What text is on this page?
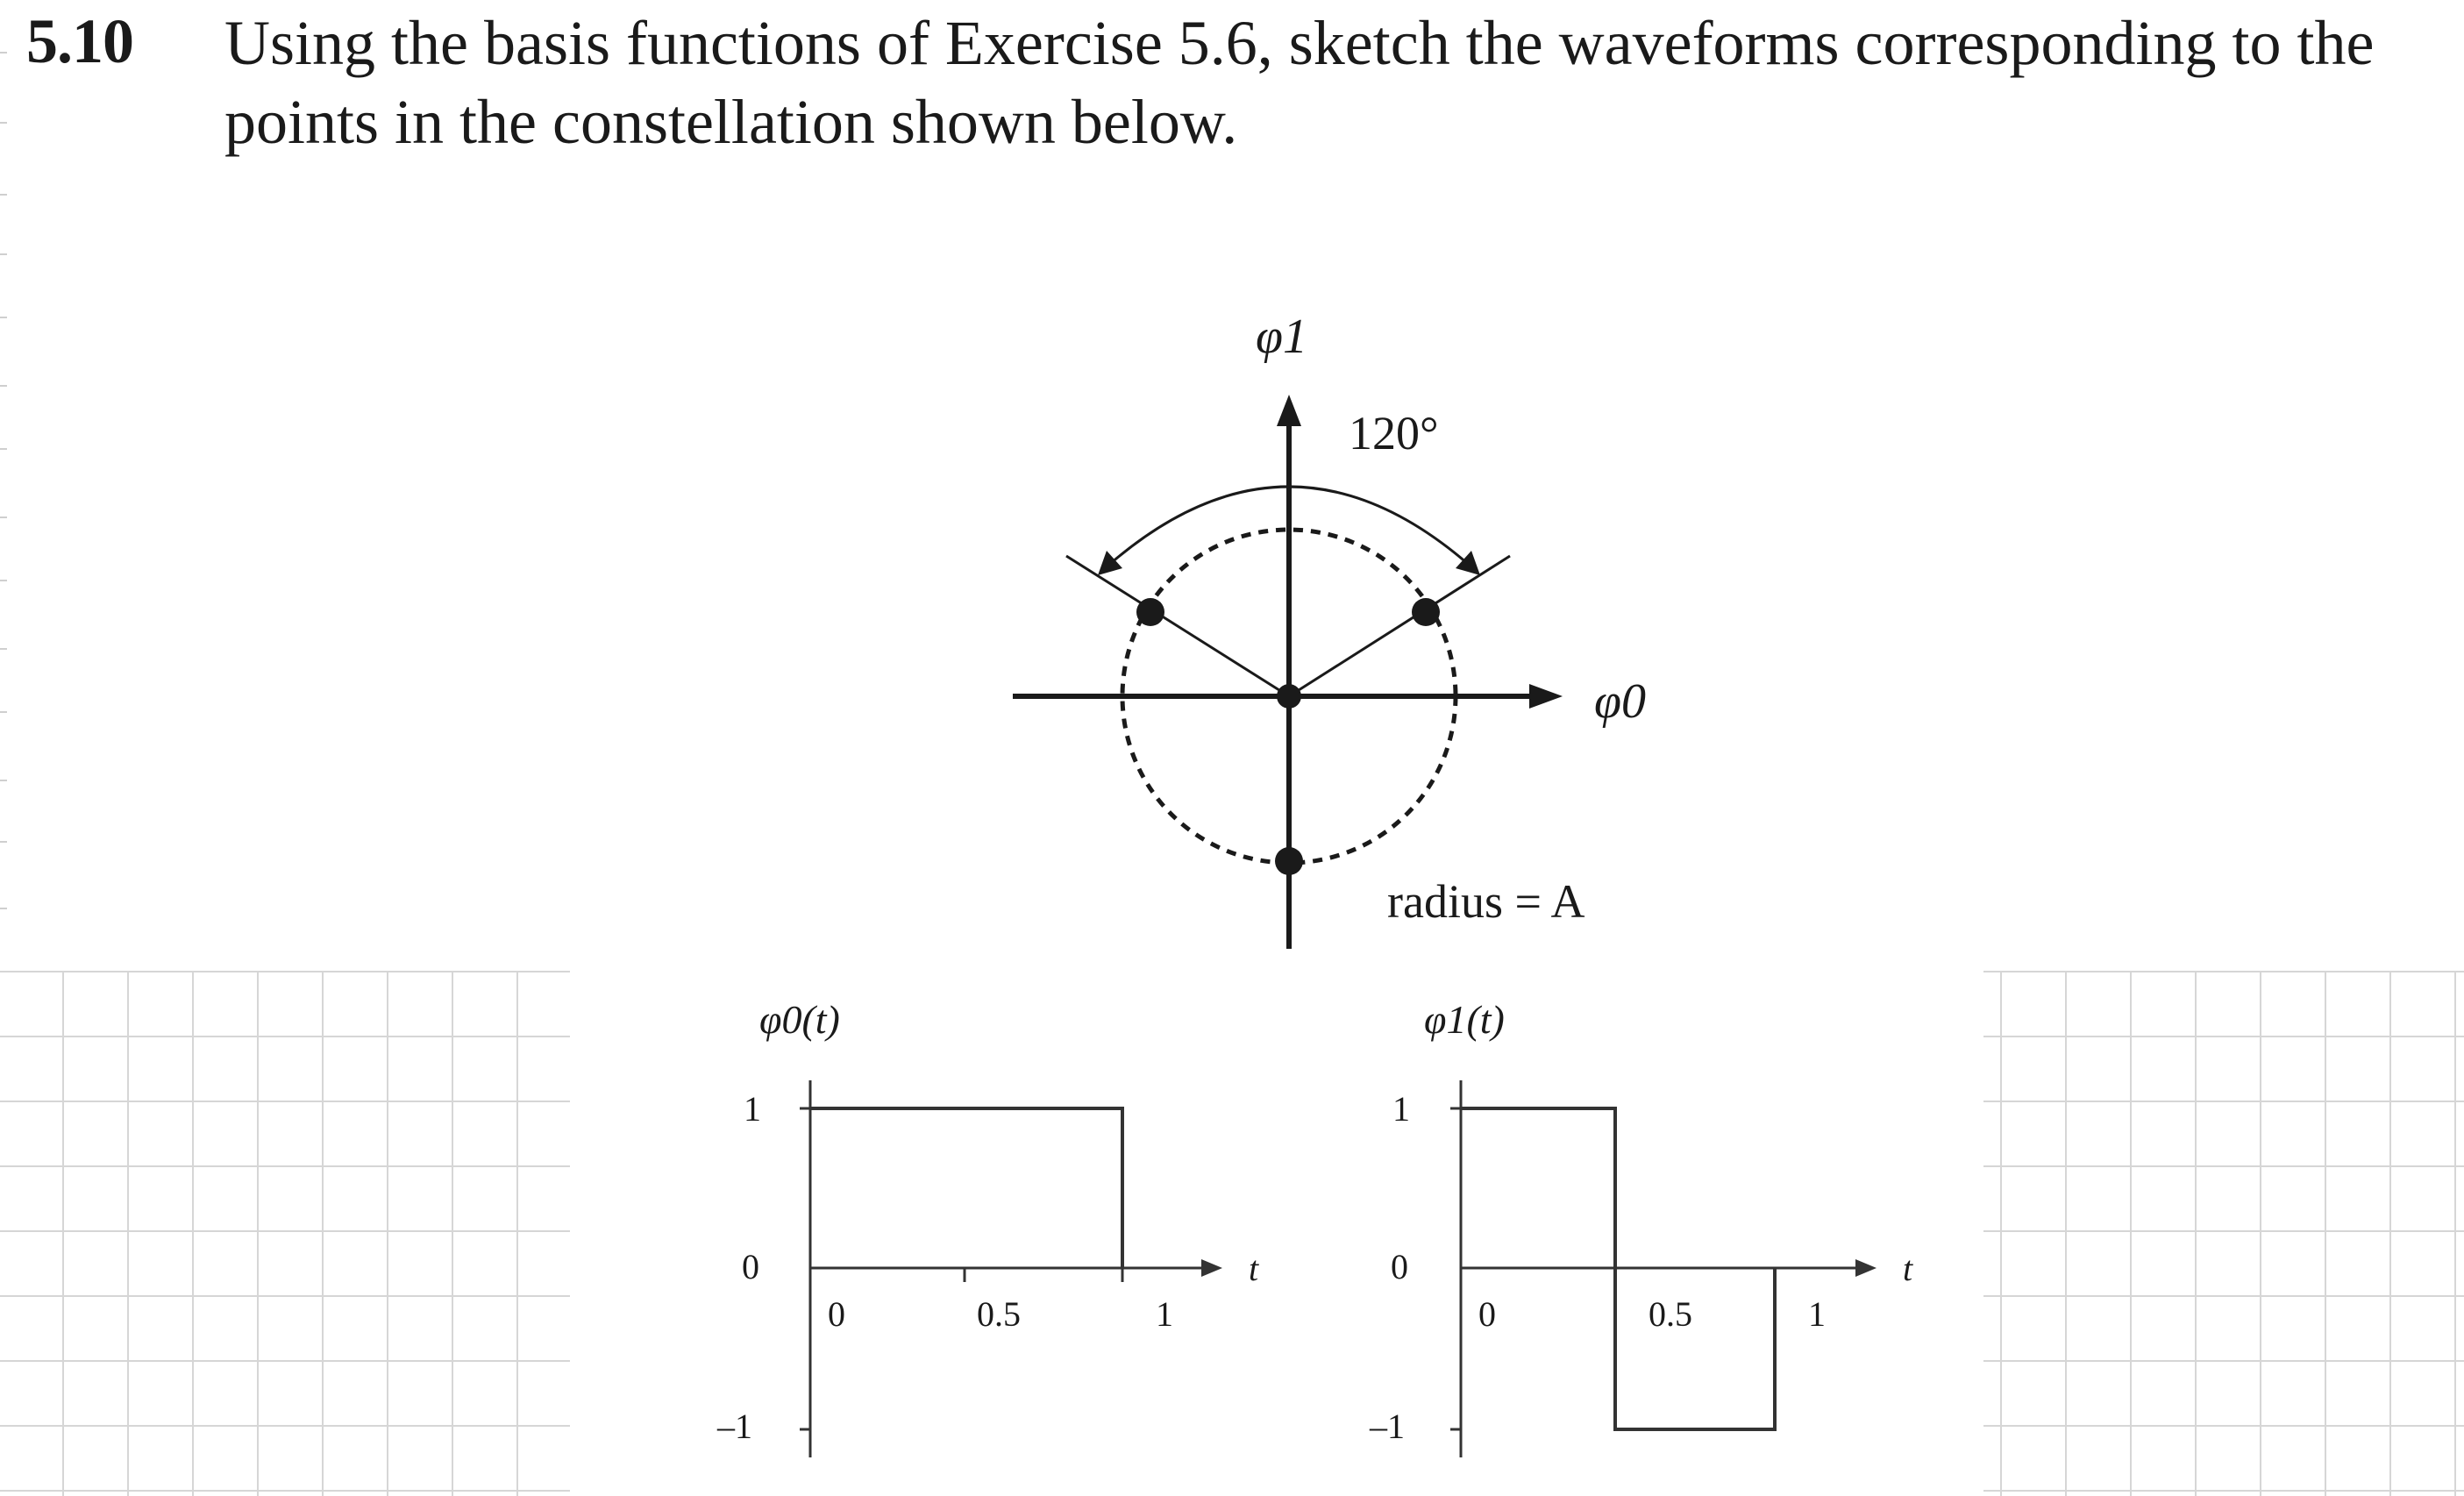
5.10 Using the basis functions of Exercise 5.6, sketch the waveforms corresponding to the
points in the constellation shown below.
φ1
120°
φ0
radius = A
φ0(t)
1
0
–1
0	0.5	1
t
φ1(t)
1
0
–1
0	0.5	1
t
